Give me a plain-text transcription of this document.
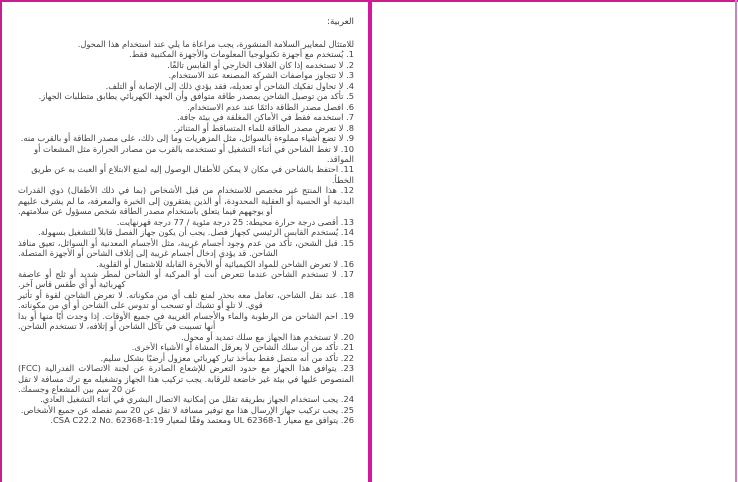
العربية:
للامتثال لمعايير السلامة المنشورة، يجب مراعاة ما يلي عند استخدام هذا المحول.
1. يُستخدم مع أجهزة تكنولوجيا المعلومات والأجهزة المكتبية فقط.
2. لا تستخدمه إذا كان الغلاف الخارجي أو القابس تالفًا.
3. لا تتجاوز مواصفات الشركة المصنعة عند الاستخدام.
4. لا تحاول تفكيك الشاحن أو تعديله، فقد يؤدي ذلك إلى الإصابة أو التلف.
5. تأكد من توصيل الشاحن بمصدر طاقة متوافق وأن الجهد الكهربائي يطابق متطلبات الجهاز.
6. افصل مصدر الطاقة دائمًا عند عدم الاستخدام.
7. استخدمه فقط في الأماكن المغلقة في بيئة جافة.
8. لا تعرض مصدر الطاقة للماء المتساقط أو المتناثر.
9. لا تضع أشياء مملوءة بالسوائل، مثل المزهريات وما إلى ذلك، على مصدر الطاقة أو بالقرب منه.
10. لا تغط الشاحن في أثناء التشغيل أو تستخدمه بالقرب من مصادر الحرارة مثل المشعات أو المواقد.
11. احتفظ بالشاحن في مكان لا يمكن للأطفال الوصول إليه لمنع الابتلاع أو العبث به عن طريق الخطأ.
12. هذا المنتج غير مخصص للاستخدام من قبل الأشخاص (بما في ذلك الأطفال) ذوي القدرات البدنية أو الحسية أو العقلية المحدودة، أو الذين يفتقرون إلى الخبرة والمعرفة، ما لم يشرف عليهم أو يوجههم فيما يتعلق باستخدام مصدر الطاقة شخص مسؤول عن سلامتهم.
13. أقصى درجة حرارة محيطة: 25 درجة مئوية / 77 درجة فهرنهايت.
14. يُستخدم القابس الرئيسي كجهاز فصل. يجب أن يكون جهاز الفصل قابلاً للتشغيل بسهولة.
15. قبل الشحن، تأكد من عدم وجود أجسام غريبة، مثل الأجسام المعدنية أو السوائل، تعيق منافذ الشاحن. قد يؤدي إدخال أجسام غريبة إلى إتلاف الشاحن أو الأجهزة المتصلة.
16. لا تعرض الشاحن للمواد الكيميائية أو الأبخرة القابلة للاشتعال أو القلوية.
17. لا تستخدم الشاحن عندما تتعرض أنت أو المركبة أو الشاحن لمطر شديد أو ثلج أو عاصفة كهربائية أو أي طقس قاس آخر.
18. عند نقل الشاحن، تعامل معه بحذر لمنع تلف أي من مكوناته. لا تعرض الشاحن لقوة أو تأثير قوي. لا تلوِ أو تشبك أو تسحب أو تدوس على الشاحن أو أي من مكوناته.
19. احم الشاحن من الرطوبة والماء والأجسام الغريبة في جميع الأوقات. إذا وجدت أيًا منها أو بدا أنها تسببت في تآكل الشاحن أو إتلافه، لا تستخدم الشاحن.
20. لا تستخدم هذا الجهاز مع سلك تمديد أو محول.
21. تأكد من أن سلك الشاحن لا يعرقل المشاة أو الأشياء الأخرى.
22. تأكد من أنه متصل فقط بمأخذ تيار كهربائي معزول أرضيًا بشكل سليم.
23. يتوافق هذا الجهاز مع حدود التعرض للإشعاع الصادرة عن لجنة الاتصالات الفدرالية (FCC) المنصوص عليها في بيئة غير خاضعة للرقابة. يجب تركيب هذا الجهاز وتشغيله مع ترك مسافة لا تقل عن 20 سم بين المشعاع وجسمك.
24. يجب استخدام الجهاز بطريقة تقلل من إمكانية الاتصال البشري في أثناء التشغيل العادي.
25. يجب تركيب جهاز الإرسال هذا مع توفير مسافة لا تقل عن 20 سم تفصله عن جميع الأشخاص.
26. يتوافق مع معيار UL 62368-1 ومعتمد وفقًا لمعيار CSA C22.2 No. 62368-1:19.
